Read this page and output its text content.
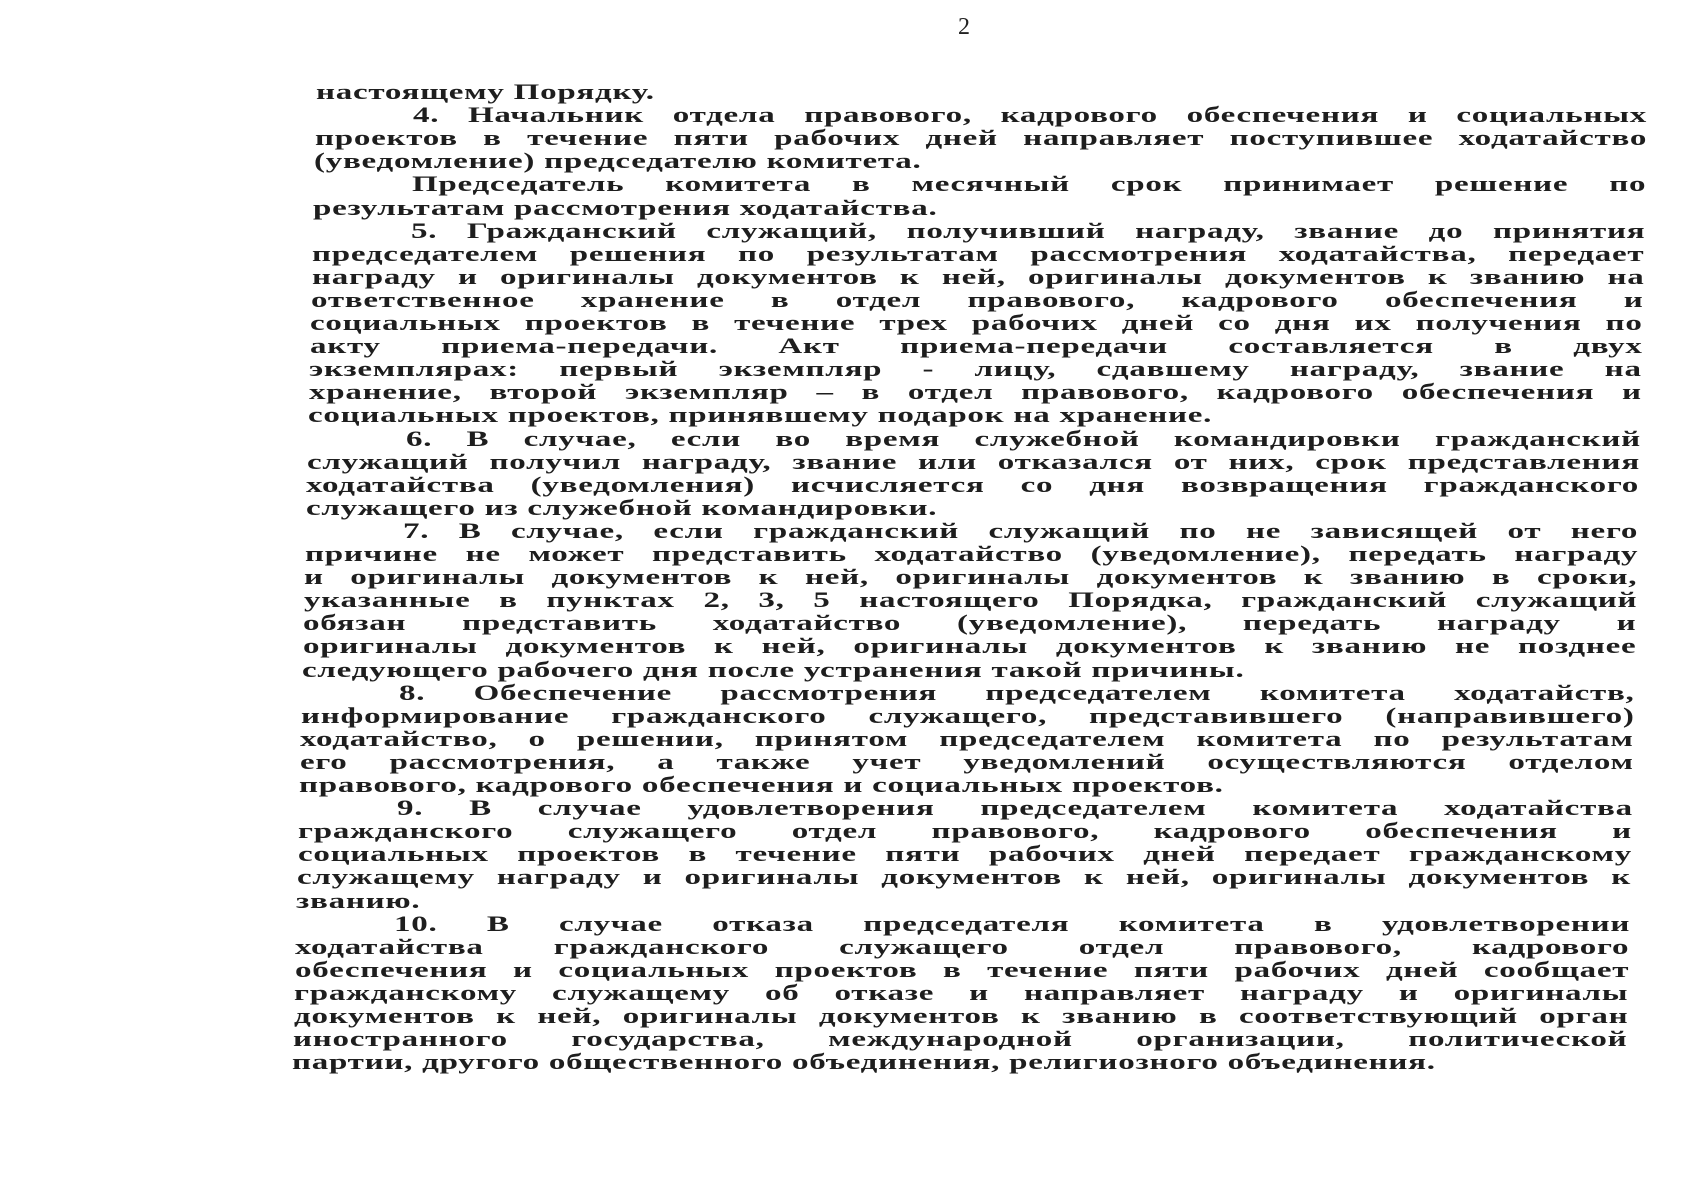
2
настоящему Порядку.
4. Начальник отдела правового, кадрового обеспечения и социальных
проектов в течение пяти рабочих дней направляет поступившее ходатайство
(уведомление) председателю комитета.
Председатель комитета в месячный срок принимает решение по
результатам рассмотрения ходатайства.
5. Гражданский служащий, получивший награду, звание до принятия
председателем решения по результатам рассмотрения ходатайства, передает
награду и оригиналы документов к ней, оригиналы документов к званию на
ответственное хранение в отдел правового, кадрового обеспечения и
социальных проектов в течение трех рабочих дней со дня их получения по
акту приема-передачи. Акт приема-передачи составляется в двух
экземплярах: первый экземпляр - лицу, сдавшему награду, звание на
хранение, второй экземпляр – в отдел правового, кадрового обеспечения и
социальных проектов, принявшему подарок на хранение.
6. В случае, если во время служебной командировки гражданский
служащий получил награду, звание или отказался от них, срок представления
ходатайства (уведомления) исчисляется со дня возвращения гражданского
служащего из служебной командировки.
7. В случае, если гражданский служащий по не зависящей от него
причине не может представить ходатайство (уведомление), передать награду
и оригиналы документов к ней, оригиналы документов к званию в сроки,
указанные в пунктах 2, 3, 5 настоящего Порядка, гражданский служащий
обязан представить ходатайство (уведомление), передать награду и
оригиналы документов к ней, оригиналы документов к званию не позднее
следующего рабочего дня после устранения такой причины.
8. Обеспечение рассмотрения председателем комитета ходатайств,
информирование гражданского служащего, представившего (направившего)
ходатайство, о решении, принятом председателем комитета по результатам
его рассмотрения, а также учет уведомлений осуществляются отделом
правового, кадрового обеспечения и социальных проектов.
9. В случае удовлетворения председателем комитета ходатайства
гражданского служащего отдел правового, кадрового обеспечения и
социальных проектов в течение пяти рабочих дней передает гражданскому
служащему награду и оригиналы документов к ней, оригиналы документов к
званию.
10. В случае отказа председателя комитета в удовлетворении
ходатайства гражданского служащего отдел правового, кадрового
обеспечения и социальных проектов в течение пяти рабочих дней сообщает
гражданскому служащему об отказе и направляет награду и оригиналы
документов к ней, оригиналы документов к званию в соответствующий орган
иностранного государства, международной организации, политической
партии, другого общественного объединения, религиозного объединения.
